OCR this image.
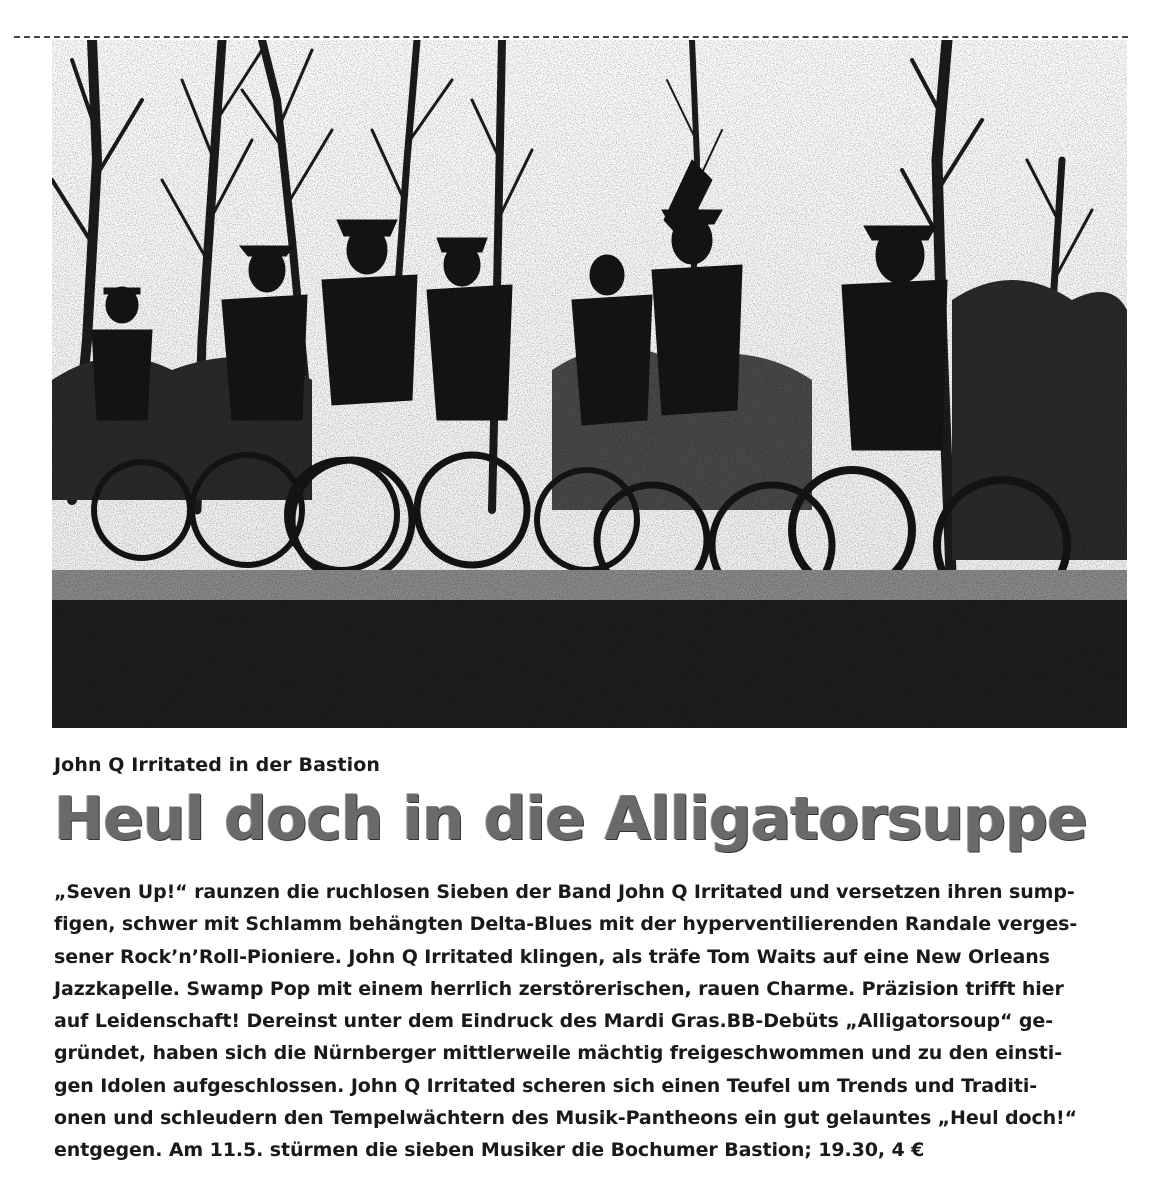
John Q Irritated in der Bastion
Heul doch in die Alligatorsuppe

„Seven Up!“ raunzen die ruchlosen Sieben der Band John Q Irritated und versetzen ihren sump-
figen, schwer mit Schlamm behängten Delta-Blues mit der hyperventilierenden Randale verges-
sener Rock’n’Roll-Pioniere. John Q Irritated klingen, als träfe Tom Waits auf eine New Orleans
Jazzkapelle. Swamp Pop mit einem herrlich zerstörerischen, rauen Charme. Präzision trifft hier
auf Leidenschaft! Dereinst unter dem Eindruck des Mardi Gras.BB-Debüts „Alligatorsoup“ ge-
gründet, haben sich die Nürnberger mittlerweile mächtig freigeschwommen und zu den einsti-
gen Idolen aufgeschlossen. John Q Irritated scheren sich einen Teufel um Trends und Traditi-
onen und schleudern den Tempelwächtern des Musik-Pantheons ein gut gelauntes „Heul doch!“
entgegen. Am 11.5. stürmen die sieben Musiker die Bochumer Bastion; 19.30, 4 €
